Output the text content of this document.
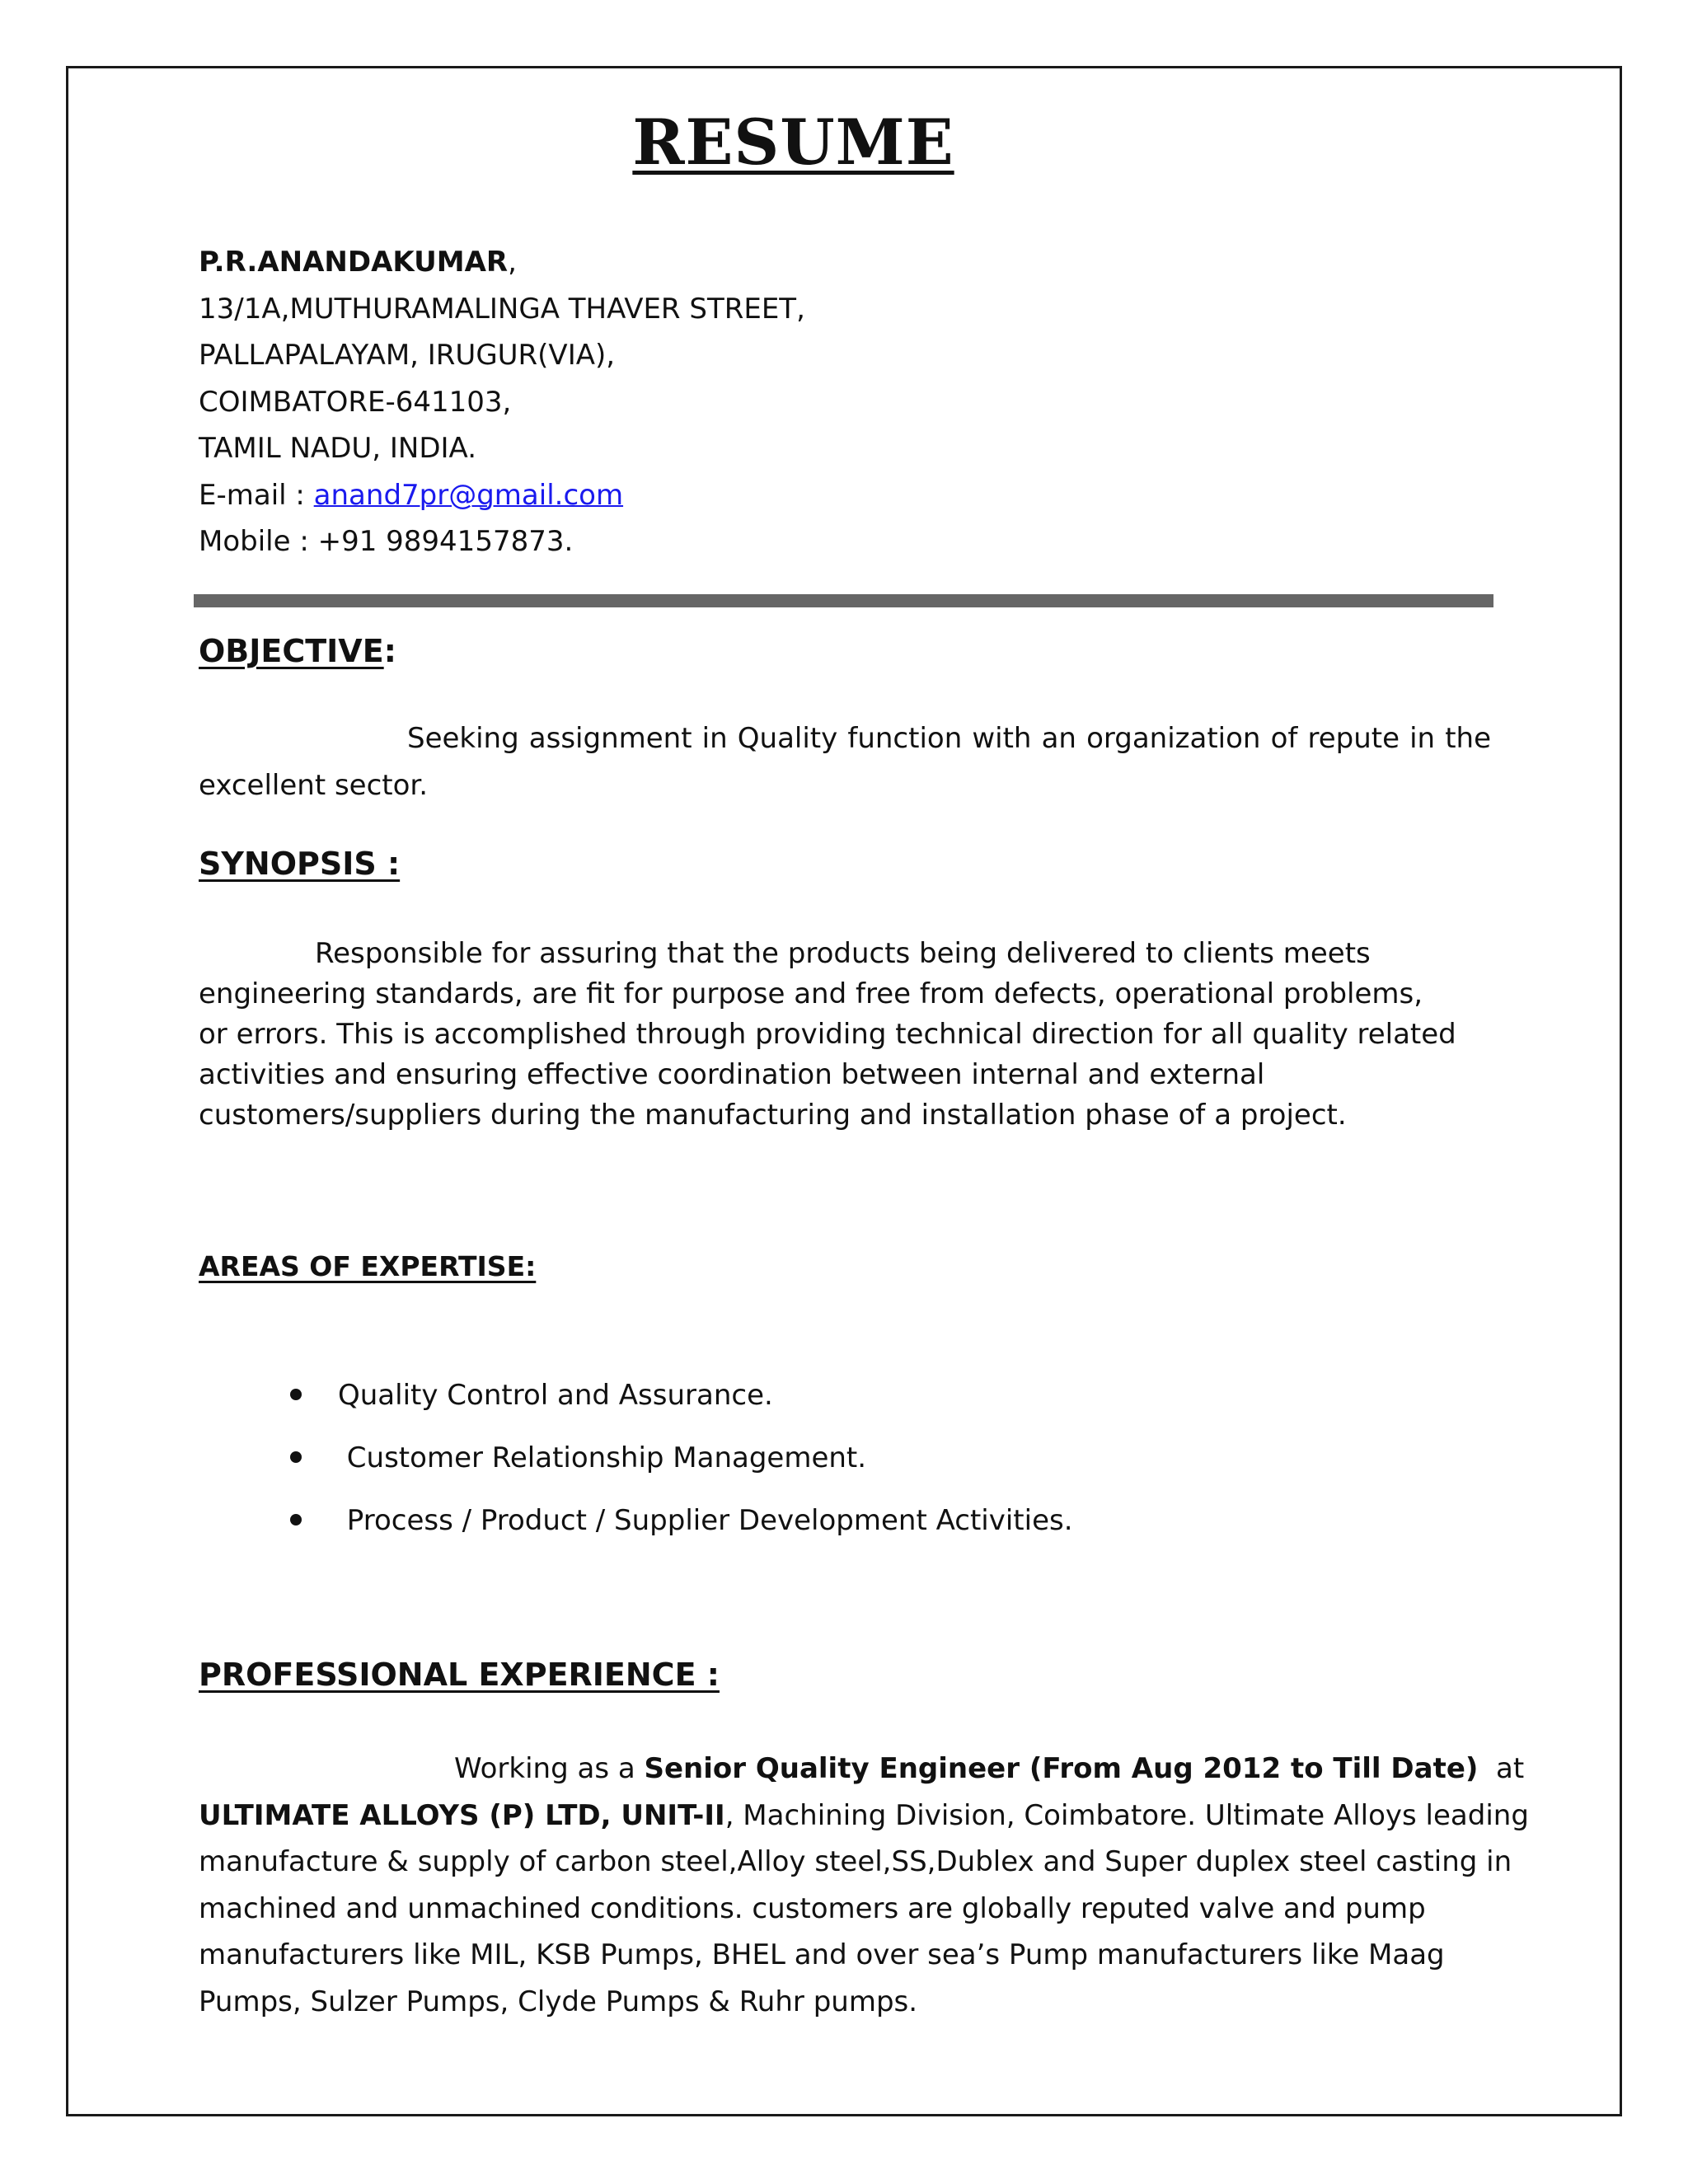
RESUME
P.R.ANANDAKUMAR,
13/1A,MUTHURAMALINGA THAVER STREET,
PALLAPALAYAM, IRUGUR(VIA),
COIMBATORE-641103,
TAMIL NADU, INDIA.
E-mail : anand7pr@gmail.com
Mobile : +91 9894157873.
OBJECTIVE:
Seeking assignment in Quality function with an organization of repute in the
excellent sector.
SYNOPSIS :
Responsible for assuring that the products being delivered to clients meets
engineering standards, are fit for purpose and free from defects, operational problems,
or errors. This is accomplished through providing technical direction for all quality related
activities and ensuring effective coordination between internal and external
customers/suppliers during the manufacturing and installation phase of a project.
AREAS OF EXPERTISE:
Quality Control and Assurance.
Customer Relationship Management.
Process / Product / Supplier Development Activities.
PROFESSIONAL EXPERIENCE :
Working as a Senior Quality Engineer (From Aug 2012 to Till Date)  at
ULTIMATE ALLOYS (P) LTD, UNIT-II, Machining Division, Coimbatore. Ultimate Alloys leading
manufacture & supply of carbon steel,Alloy steel,SS,Dublex and Super duplex steel casting in
machined and unmachined conditions. customers are globally reputed valve and pump
manufacturers like MIL, KSB Pumps, BHEL and over sea’s Pump manufacturers like Maag
Pumps, Sulzer Pumps, Clyde Pumps & Ruhr pumps.
